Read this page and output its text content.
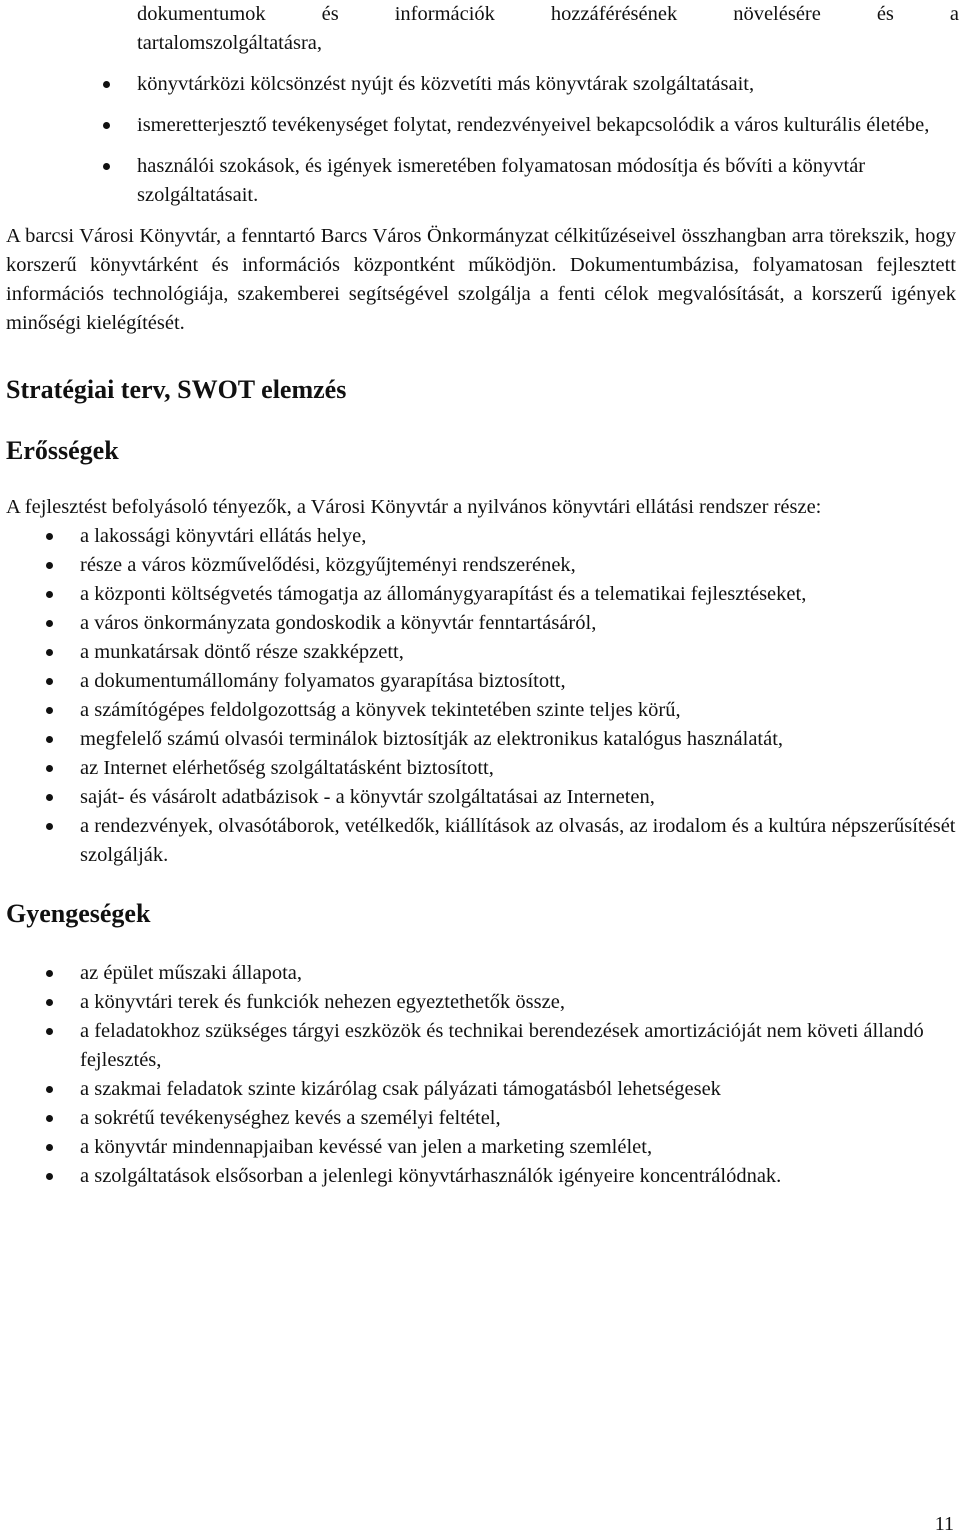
dokumentumok és információk hozzáférésének növelésére és a
tartalomszolgáltatásra,
könyvtárközi kölcsönzést nyújt és közvetíti más könyvtárak szolgáltatásait,
ismeretterjesztő tevékenységet folytat, rendezvényeivel bekapcsolódik a város kulturális életébe,
használói szokások, és igények ismeretében folyamatosan módosítja és bővíti a könyvtár szolgáltatásait.

A barcsi Városi Könyvtár, a fenntartó Barcs Város Önkormányzat célkitűzéseivel összhangban arra törekszik, hogy korszerű könyvtárként és információs központként működjön. Dokumentumbázisa, folyamatosan fejlesztett információs technológiája, szakemberei segítségével szolgálja a fenti célok megvalósítását, a korszerű igények minőségi kielégítését.

Stratégiai terv, SWOT elemzés
Erősségek

A fejlesztést befolyásoló tényezők, a Városi Könyvtár a nyilvános könyvtári ellátási rendszer része:

a lakossági könyvtári ellátás helye,
része a város közművelődési, közgyűjteményi rendszerének,
a központi költségvetés támogatja az állománygyarapítást és a telematikai fejlesztéseket,
a város önkormányzata gondoskodik a könyvtár fenntartásáról,
a munkatársak döntő része szakképzett,
a dokumentumállomány folyamatos gyarapítása biztosított,
a számítógépes feldolgozottság a könyvek tekintetében szinte teljes körű,
megfelelő számú olvasói terminálok biztosítják az elektronikus katalógus használatát,
az Internet elérhetőség szolgáltatásként biztosított,
saját- és vásárolt adatbázisok - a könyvtár szolgáltatásai az Interneten,
a rendezvények, olvasótáborok, vetélkedők, kiállítások az olvasás, az irodalom és a kultúra népszerűsítését szolgálják.
Gyengeségek
az épület műszaki állapota,
a könyvtári terek és funkciók nehezen egyeztethetők össze,
a feladatokhoz szükséges tárgyi eszközök és technikai berendezések amortizációját nem követi állandó fejlesztés,
a szakmai feladatok szinte kizárólag csak pályázati támogatásból lehetségesek
a sokrétű tevékenységhez kevés a személyi feltétel,
a könyvtár mindennapjaiban kevéssé van jelen a marketing szemlélet,
a szolgáltatások elsősorban a jelenlegi könyvtárhasználók igényeire koncentrálódnak.
11
